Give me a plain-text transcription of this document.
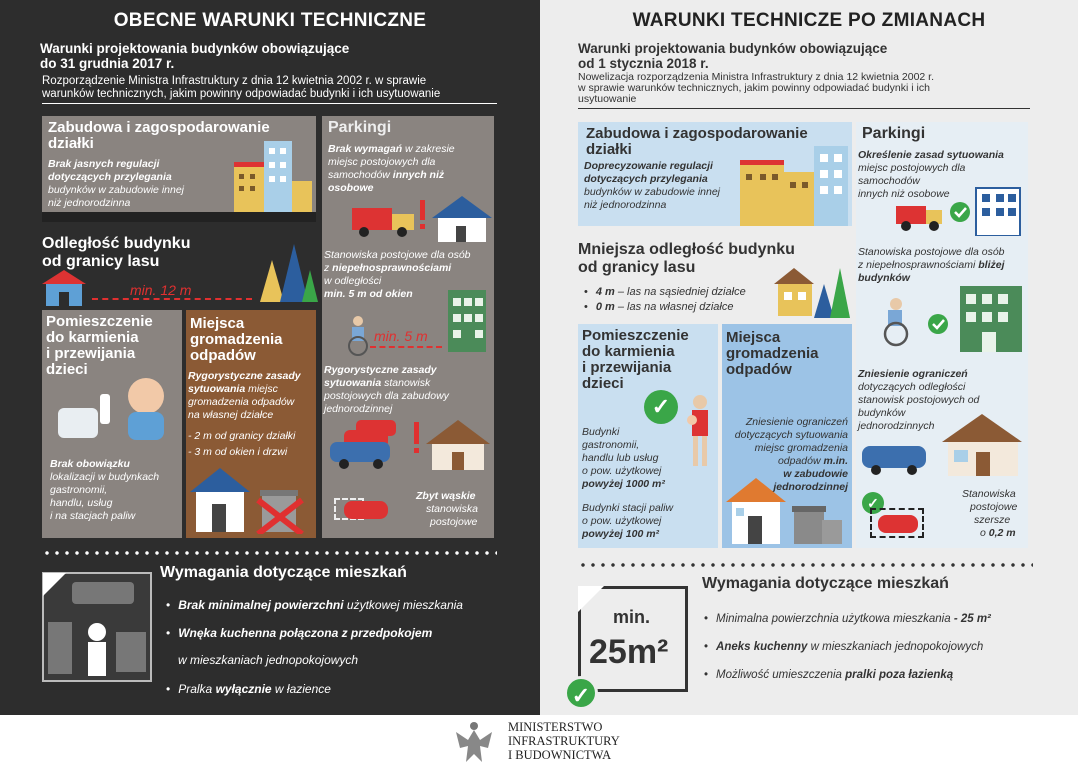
OBECNE WARUNKI TECHNICZNE
Warunki projektowania budynków obowiązujące
do 31 grudnia 2017 r.
Rozporządzenie Ministra Infrastruktury z dnia 12 kwietnia 2002 r. w sprawie
warunków technicznych, jakim powinny odpowiadać budynki i ich usytuowanie
Zabudowa i zagospodarowanie
działki
Brak jasnych regulacji
dotyczących przylegania
budynków w zabudowie innej
niż jednorodzinna
Parkingi
Brak wymagań w zakresie
miejsc postojowych dla
samochodów innych niż
osobowe
Stanowiska postojowe dla osób
z niepełnosprawnościami
w odległości
min. 5 m od okien
min. 5 m
Rygorystyczne zasady
sytuowania stanowisk
postojowych dla zabudowy
jednorodzinnej
Zbyt wąskie
stanowiska
postojowe
Odległość budynku
od granicy lasu
min. 12 m
Pomieszczenie
do karmienia
i przewijania
dzieci
Brak obowiązku
lokalizacji w budynkach
gastronomii,
handlu, usług
i na stacjach paliw
Miejsca
gromadzenia
odpadów
Rygorystyczne zasady
sytuowania miejsc
gromadzenia odpadów
na własnej działce
- 2 m od granicy działki
- 3 m od okien i drzwi
Wymagania dotyczące mieszkań
• Brak minimalnej powierzchni użytkowej mieszkania
• Wnęka kuchenna połączona z przedpokojem
w mieszkaniach jednopokojowych
• Pralka wyłącznie w łazience
WARUNKI TECHNICZE PO ZMIANACH
Warunki projektowania budynków obowiązujące
od 1 stycznia 2018 r.
Nowelizacja rozporządzenia Ministra Infrastruktury z dnia 12 kwietnia 2002 r.
w sprawie warunków technicznych, jakim powinny odpowiadać budynki i ich
usytuowanie
Zabudowa i zagospodarowanie
działki
Doprecyzowanie regulacji
dotyczących przylegania
budynków w zabudowie innej
niż jednorodzinna
Parkingi
Określenie zasad sytuowania
miejsc postojowych dla
samochodów
innych niż osobowe
Stanowiska postojowe dla osób
z niepełnosprawnościami bliżej
budynków
Zniesienie ograniczeń
dotyczących odległości
stanowisk postojowych od
budynków
jednorodzinnych
✓
Stanowiska
postojowe
szersze
o 0,2 m
Mniejsza odległość budynku
od granicy lasu
• 4 m – las na sąsiedniej działce
• 0 m – las na własnej działce
Pomieszczenie
do karmienia
i przewijania
dzieci
✓
Budynki
gastronomii,
handlu lub usług
o pow. użytkowej
powyżej 1000 m²
Budynki stacji paliw
o pow. użytkowej
powyżej 100 m²
Miejsca
gromadzenia
odpadów
Zniesienie ograniczeń
dotyczących sytuowania
miejsc gromadzenia
odpadów m.in.
w zabudowie
jednorodzinnej
min.
25m²
✓
Wymagania dotyczące mieszkań
• Minimalna powierzchnia użytkowa mieszkania - 25 m²
• Aneks kuchenny w mieszkaniach jednopokojowych
• Możliwość umieszczenia pralki poza łazienką
MINISTERSTWO
INFRASTRUKTURY
I BUDOWNICTWA
